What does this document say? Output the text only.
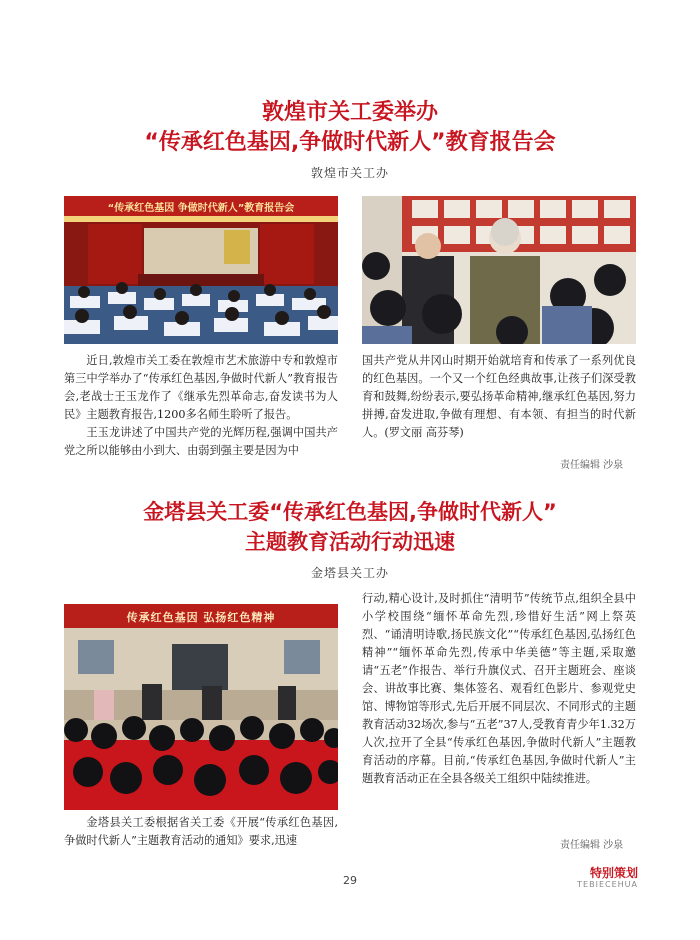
敦煌市关工委举办
“传承红色基因,争做时代新人”教育报告会
敦煌市关工办
“传承红色基因 争做时代新人”教育报告会

近日,敦煌市关工委在敦煌市艺术旅游中专和敦煌市第三中学举办了“传承红色基因,争做时代新人”教育报告会,老战士王玉龙作了《继承先烈革命志,奋发读书为人民》主题教育报告,1200多名师生聆听了报告。

王玉龙讲述了中国共产党的光辉历程,强调中国共产党之所以能够由小到大、由弱到强主要是因为中

国共产党从井冈山时期开始就培育和传承了一系列优良的红色基因。一个又一个红色经典故事,让孩子们深受教育和鼓舞,纷纷表示,要弘扬革命精神,继承红色基因,努力拼搏,奋发进取,争做有理想、有本领、有担当的时代新人。(罗文丽 高芬琴)

责任编辑 沙泉
金塔县关工委“传承红色基因,争做时代新人”
主题教育活动行动迅速
金塔县关工办
传承红色基因 弘扬红色精神

金塔县关工委根据省关工委《开展“传承红色基因,争做时代新人”主题教育活动的通知》要求,迅速

行动,精心设计,及时抓住“清明节”传统节点,组织全县中小学校围绕“缅怀革命先烈,珍惜好生活”网上祭英烈、“诵清明诗歌,扬民族文化”“传承红色基因,弘扬红色精神”“缅怀革命先烈,传承中华美德”等主题,采取邀请“五老”作报告、举行升旗仪式、召开主题班会、座谈会、讲故事比赛、集体签名、观看红色影片、参观党史馆、博物馆等形式,先后开展不同层次、不同形式的主题教育活动32场次,参与“五老”37人,受教育青少年1.32万人次,拉开了全县“传承红色基因,争做时代新人”主题教育活动的序幕。目前,“传承红色基因,争做时代新人”主题教育活动正在全县各级关工组织中陆续推进。

责任编辑 沙泉
29
特别策划
TEBIECEHUA
